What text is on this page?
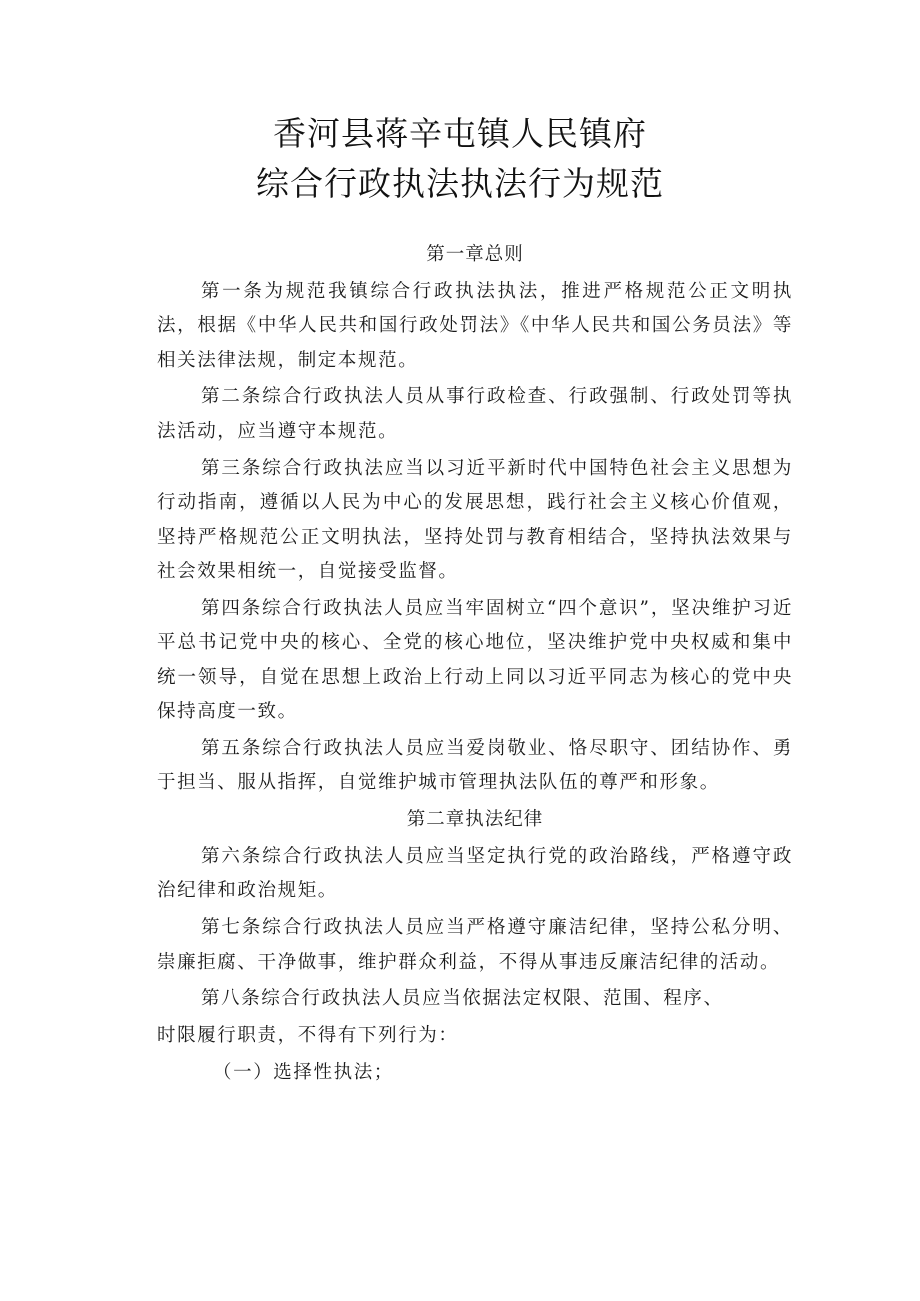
香河县蒋辛屯镇人民镇府
综合行政执法执法行为规范

第一章总则

第一条为规范我镇综合行政执法执法，推进严格规范公正文明执法，根据《中华人民共和国行政处罚法》《中华人民共和国公务员法》等相关法律法规，制定本规范。

第二条综合行政执法人员从事行政检查、行政强制、行政处罚等执法活动，应当遵守本规范。

第三条综合行政执法应当以习近平新时代中国特色社会主义思想为行动指南，遵循以人民为中心的发展思想，践行社会主义核心价值观，坚持严格规范公正文明执法，坚持处罚与教育相结合，坚持执法效果与社会效果相统一，自觉接受监督。

第四条综合行政执法人员应当牢固树立“四个意识”，坚决维护习近平总书记党中央的核心、全党的核心地位，坚决维护党中央权威和集中统一领导，自觉在思想上政治上行动上同以习近平同志为核心的党中央保持高度一致。

第五条综合行政执法人员应当爱岗敬业、恪尽职守、团结协作、勇于担当、服从指挥，自觉维护城市管理执法队伍的尊严和形象。

第二章执法纪律

第六条综合行政执法人员应当坚定执行党的政治路线，严格遵守政治纪律和政治规矩。

第七条综合行政执法人员应当严格遵守廉洁纪律，坚持公私分明、崇廉拒腐、干净做事，维护群众利益，不得从事违反廉洁纪律的活动。

第八条综合行政执法人员应当依据法定权限、范围、程序、

时限履行职责，不得有下列行为：

（一）选择性执法；
